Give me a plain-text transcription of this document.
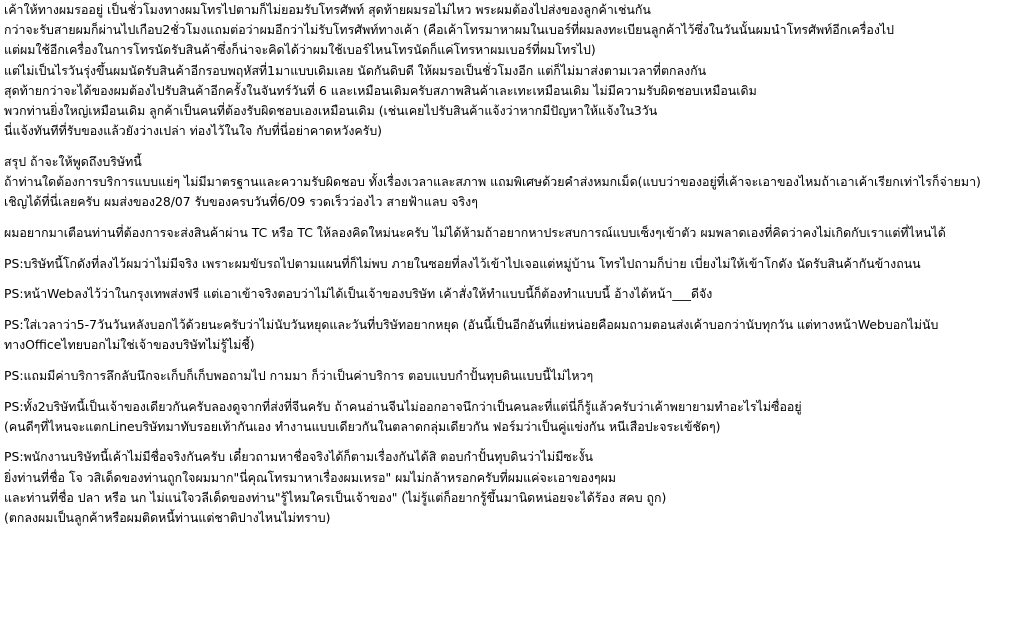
เค้าให้ทางผมรออยู่ เป็นชั่วโมงทางผมโทรไปตามก็ไม่ยอมรับโทรศัพท์ สุดท้ายผมรอไม่ไหว พระผมต้องไปส่งของลูกค้าเช่นกัน
กว่าจะรับสายผมก็ผ่านไปเกือบ2ชั่วโมงแถมต่อว่าผมอีกว่าไม่รับโทรศัพท์ทางเค้า (คือเค้าโทรมาหาผมในเบอร์ที่ผมลงทะเบียนลูกค้าไว้ซึ่งในวันนั้นผมนำโทรศัพท์อีกเครื่องไป
แต่ผมใช้อีกเครื่องในการโทรนัดรับสินค้าซึ่งก็น่าจะคิดได้ว่าผมใช้เบอร์ไหนโทรนัดก็แค่โทรหาผมเบอร์ที่ผมโทรไป)
แต่ไม่เป็นไรวันรุ่งขึ้นผมนัดรับสินค้าอีกรอบพฤหัสที่1มาแบบเดิมเลย นัดกันดิบดี ให้ผมรอเป็นชั่วโมงอีก แต่ก็ไม่มาส่งตามเวลาที่ตกลงกัน
สุดท้ายกว่าจะได้ของผมต้องไปรับสินค้าอีกครั้งในจันทร์วันที่ 6 และเหมือนเดิมครับสภาพสินค้าเละเทะเหมือนเดิม ไม่มีความรับผิดชอบเหมือนเดิม
พวกท่านยิ่งใหญ่เหมือนเดิม ลูกค้าเป็นคนที่ต้องรับผิดชอบเองเหมือนเดิม (เช่นเคยไปรับสินค้าแจ้งว่าหากมีปัญหาให้แจ้งใน3วัน
นี่แจ้งทันทีที่รับของแล้วยังว่างเปล่า ท่องไว้ในใจ กับที่นี่อย่าคาดหวังครับ)
สรุป ถ้าจะให้พูดถึงบริษัทนี้
ถ้าท่านใดต้องการบริการแบบแย่ๆ ไม่มีมาตรฐานและความรับผิดชอบ ทั้งเรื่องเวลาและสภาพ แถมพิเศษด้วยคำส่งหมกเม็ด(แบบว่าของอยู่ที่เค้าจะเอาของไหมถ้าเอาเค้าเรียกเท่าไรก็จ่ายมา)
เชิญได้ที่นี่เลยครับ ผมส่งของ28/07 รับของครบวันที่6/09 รวดเร็วว่องไว สายฟ้าแลบ จริงๆ
ผมอยากมาเตือนท่านที่ต้องการจะส่งสินค้าผ่าน TC หรือ TC ให้ลองคิดใหม่นะครับ ไม่ได้ห้ามถ้าอยากหาประสบการณ์แบบเซ็งๆเข้าตัว ผมพลาดเองที่คิดว่าคงไม่เกิดกับเราแต่ที่ไหนได้
PS:บริษัทนี้โกดังที่ลงไว้ผมว่าไม่มีจริง เพราะผมขับรถไปตามแผนที่ก็ไม่พบ ภายในซอยที่ลงไว้เข้าไปเจอแต่หมู่บ้าน โทรไปถามก็บ่าย เบี่ยงไม่ให้เข้าโกดัง นัดรับสินค้ากันข้างถนน
PS:หน้าWebลงไว้ว่าในกรุงเทพส่งฟรี แต่เอาเข้าจริงตอบว่าไม่ได้เป็นเจ้าของบริษัท เค้าสั่งให้ทำแบบนี้ก็ต้องทำแบบนี้ อ้างได้หน้า___ดีจัง
PS:ใส่เวลาว่า5-7วันวันหลังบอกไว้ด้วยนะครับว่าไม่นับวันหยุดและวันที่บริษัทอยากหยุด (อันนี้เป็นอีกอันที่แย่หน่อยคือผมถามตอนส่งเค้าบอกว่านับทุกวัน แต่ทางหน้าWebบอกไม่นับ
ทางOfficeไทยบอกไม่ใช่เจ้าของบริษัทไม่รู้ไม่ชี้)
PS:แถมมีค่าบริการลึกลับนึกจะเก็บก็เก็บพอถามไป กามมา ก็ว่าเป็นค่าบริการ ตอบแบบกำปั้นทุบดินแบบนี้ไม่ไหวๆ
PS:ทั้ง2บริษัทนี้เป็นเจ้าของเดียวกันครับลองดูจากที่ส่งที่จีนครับ ถ้าคนอ่านจีนไม่ออกอาจนึกว่าเป็นคนละที่แต่นี่ก็รู้แล้วครับว่าเค้าพยายามทำอะไรไม่ซื่ออยู่
(คนดีๆที่ไหนจะแตกLineบริษัทมาทับรอยเท้ากันเอง ทำงานแบบเดียวกันในตลาดกลุ่มเดียวกัน ฟอร์มว่าเป็นคู่แข่งกัน หนีเสือปะจระเข้ชัดๆ)
PS:พนักงานบริษัทนี้เค้าไม่มีชื่อจริงกันครับ เดี๋ยวถามหาชื่อจริงได้ก็ตามเรื่องกันได้สิ ตอบกำปั้นทุบดินว่าไม่มีซะงั้น
ยิ่งท่านที่ชื่อ โจ วสิเด็ดของท่านถูกใจผมมาก"นี่คุณโทรมาหาเรื่องผมเหรอ" ผมไม่กล้าหรอกครับที่ผมแค่จะเอาของๆผม
และท่านที่ชื่อ ปลา หรือ นก ไม่แน่ใจวลีเด็ดของท่าน"รู้ไหมใครเป็นเจ้าของ" (ไม่รู้แต่ก็อยากรู้ขึ้นมานิดหน่อยจะได้ร้อง สคบ ถูก)
(ตกลงผมเป็นลูกค้าหรือผมติดหนี้ท่านแต่ชาติปางไหนไม่ทราบ)
